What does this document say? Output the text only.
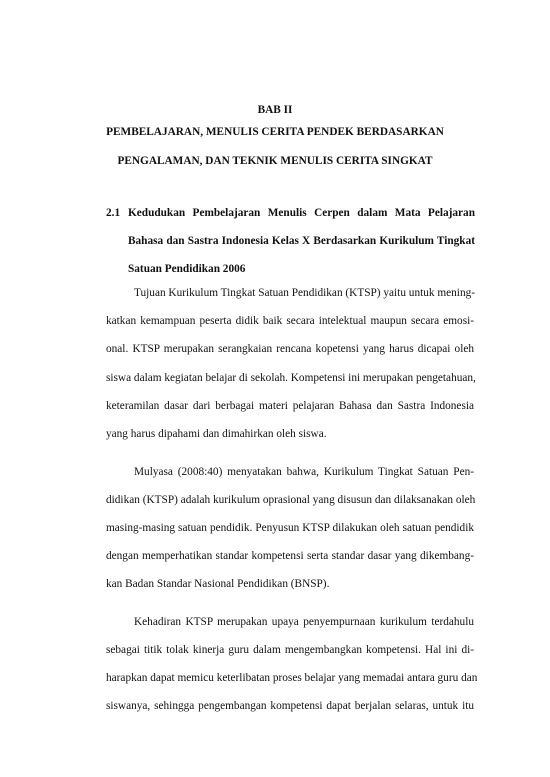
BAB II
PEMBELAJARAN, MENULIS CERITA PENDEK BERDASARKAN
PENGALAMAN, DAN TEKNIK MENULIS CERITA SINGKAT
2.1 Kedudukan Pembelajaran Menulis Cerpen dalam Mata Pelajaran
Bahasa dan Sastra Indonesia Kelas X Berdasarkan Kurikulum Tingkat
Satuan Pendidikan 2006
Tujuan Kurikulum Tingkat Satuan Pendidikan (KTSP) yaitu untuk mening-
katkan kemampuan peserta didik baik secara intelektual maupun secara emosi-
onal. KTSP merupakan serangkaian rencana kopetensi yang harus dicapai oleh
siswa dalam kegiatan belajar di sekolah. Kompetensi ini merupakan pengetahuan,
keteramilan dasar dari berbagai materi pelajaran Bahasa dan Sastra Indonesia
yang harus dipahami dan dimahirkan oleh siswa.
Mulyasa (2008:40) menyatakan bahwa, Kurikulum Tingkat Satuan Pen-
didikan (KTSP) adalah kurikulum oprasional yang disusun dan dilaksanakan oleh
masing-masing satuan pendidik. Penyusun KTSP dilakukan oleh satuan pendidik
dengan memperhatikan standar kompetensi serta standar dasar yang dikembang-
kan Badan Standar Nasional Pendidikan (BNSP).
Kehadiran KTSP merupakan upaya penyempurnaan kurikulum terdahulu
sebagai titik tolak kinerja guru dalam mengembangkan kompetensi. Hal ini di-
harapkan dapat memicu keterlibatan proses belajar yang memadai antara guru dan
siswanya, sehingga pengembangan kompetensi dapat berjalan selaras, untuk itu
